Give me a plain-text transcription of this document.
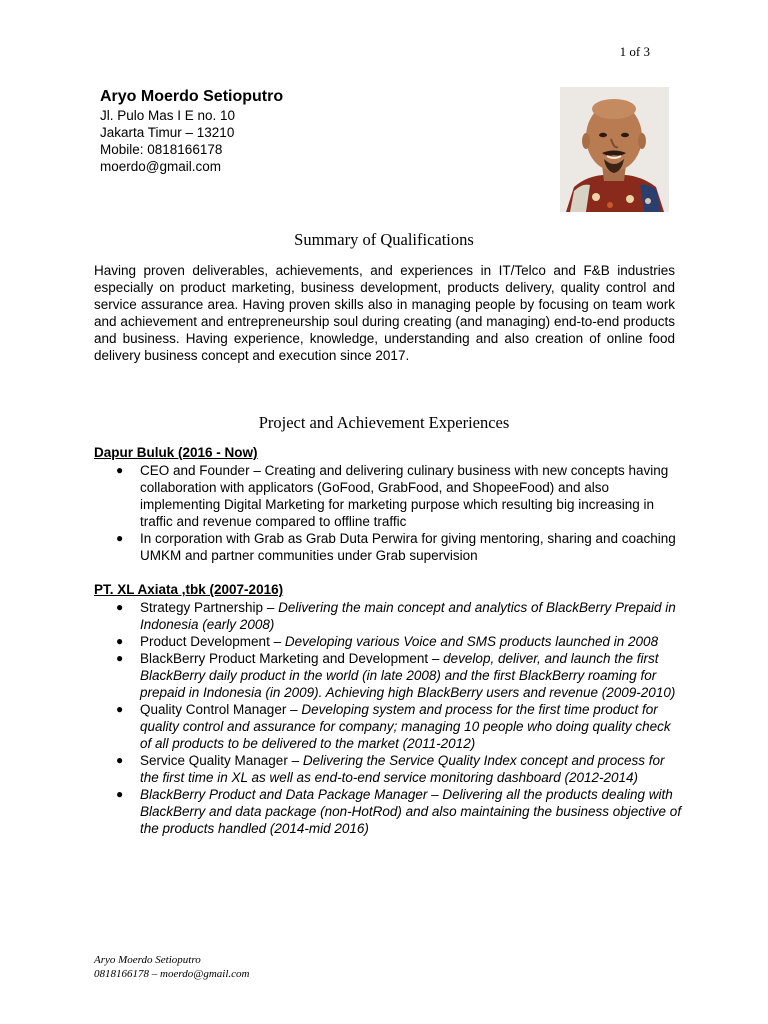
1 of 3
Aryo Moerdo Setioputro
Jl. Pulo Mas I E no. 10
Jakarta Timur – 13210
Mobile: 0818166178
moerdo@gmail.com
Summary of Qualifications
Having proven deliverables, achievements, and experiences in IT/Telco and F&B industries especially on product marketing, business development, products delivery, quality control and service assurance area. Having proven skills also in managing people by focusing on team work and achievement and entrepreneurship soul during creating (and managing) end-to-end products and business. Having experience, knowledge, understanding and also creation of online food delivery business concept and execution since 2017.
Project and Achievement Experiences
Dapur Buluk (2016 - Now)
● CEO and Founder – Creating and delivering culinary business with new concepts having collaboration with applicators (GoFood, GrabFood, and ShopeeFood) and also implementing Digital Marketing for marketing purpose which resulting big increasing in traffic and revenue compared to offline traffic
● In corporation with Grab as Grab Duta Perwira for giving mentoring, sharing and coaching UMKM and partner communities under Grab supervision
PT. XL Axiata ,tbk (2007-2016)
● Strategy Partnership – Delivering the main concept and analytics of BlackBerry Prepaid in Indonesia (early 2008)
● Product Development – Developing various Voice and SMS products launched in 2008
● BlackBerry Product Marketing and Development – develop, deliver, and launch the first BlackBerry daily product in the world (in late 2008) and the first BlackBerry roaming for prepaid in Indonesia (in 2009). Achieving high BlackBerry users and revenue (2009-2010)
● Quality Control Manager – Developing system and process for the first time product for quality control and assurance for company; managing 10 people who doing quality check of all products to be delivered to the market (2011-2012)
● Service Quality Manager – Delivering the Service Quality Index concept and process for the first time in XL as well as end-to-end service monitoring dashboard (2012-2014)
● BlackBerry Product and Data Package Manager – Delivering all the products dealing with BlackBerry and data package (non-HotRod) and also maintaining the business objective of the products handled (2014-mid 2016)
Aryo Moerdo Setioputro
0818166178 – moerdo@gmail.com
